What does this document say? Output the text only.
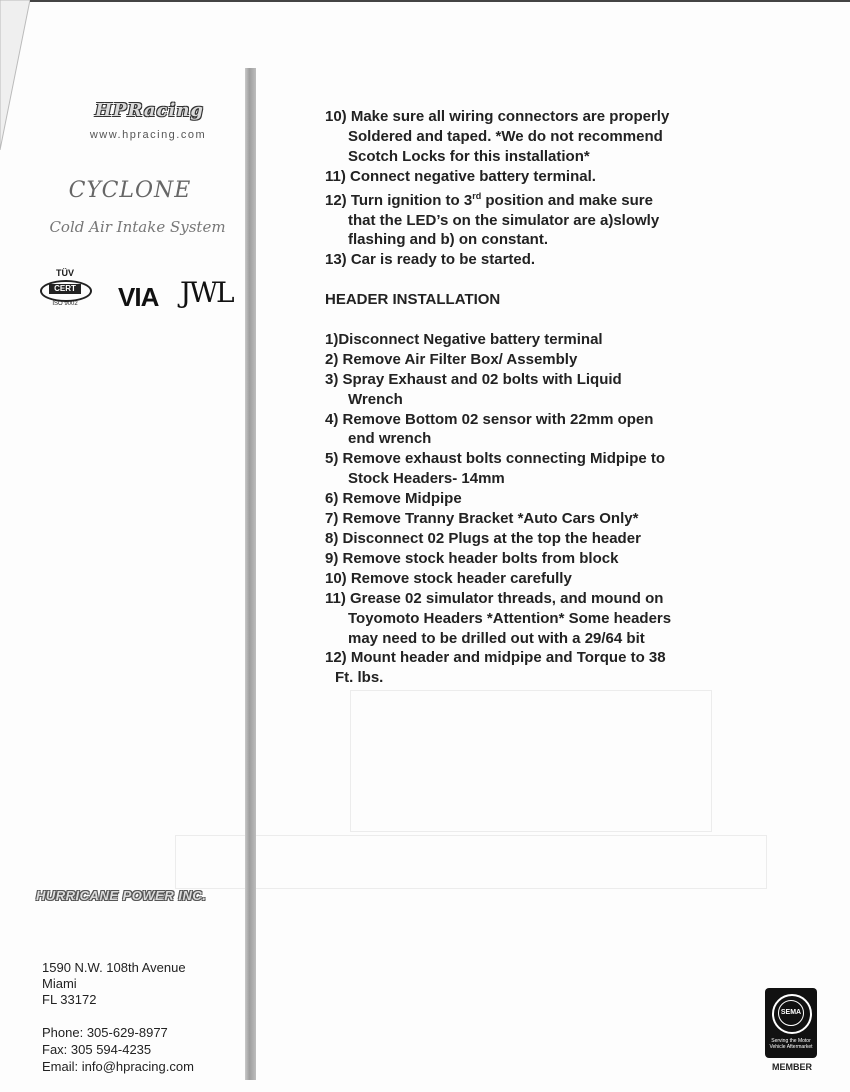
HPRacing
www.hpracing.com
CYCLONE
Cold Air Intake System
TÜV
CERT
ISO 9002	VIA JWL
HURRICANE POWER INC.
1590 N.W. 108th Avenue
Miami
FL 33172
Phone: 305-629-8977
Fax: 305 594-4235
Email: info@hpracing.com
10) Make sure all wiring connectors are properly
Soldered and taped. *We do not recommend
Scotch Locks for this installation*
11) Connect negative battery terminal.
12) Turn ignition to 3rd position and make sure
that the LED’s on the simulator are a)slowly
flashing and b) on constant.
13) Car is ready to be started.
HEADER INSTALLATION
1)Disconnect Negative battery terminal
2) Remove Air Filter Box/ Assembly
3) Spray Exhaust and 02 bolts with Liquid
Wrench
4) Remove Bottom 02 sensor with 22mm open
end wrench
5) Remove exhaust bolts connecting Midpipe to
Stock Headers- 14mm
6) Remove Midpipe
7) Remove Tranny Bracket *Auto Cars Only*
8) Disconnect 02 Plugs at the top the header
9) Remove stock header bolts from block
10) Remove stock header carefully
11) Grease 02 simulator threads, and mound on
Toyomoto Headers *Attention* Some headers
may need to be drilled out with a 29/64 bit
12) Mount header and midpipe and Torque to 38
Ft. lbs.
SEMA
Serving the Motor Vehicle Aftermarket
MEMBER
